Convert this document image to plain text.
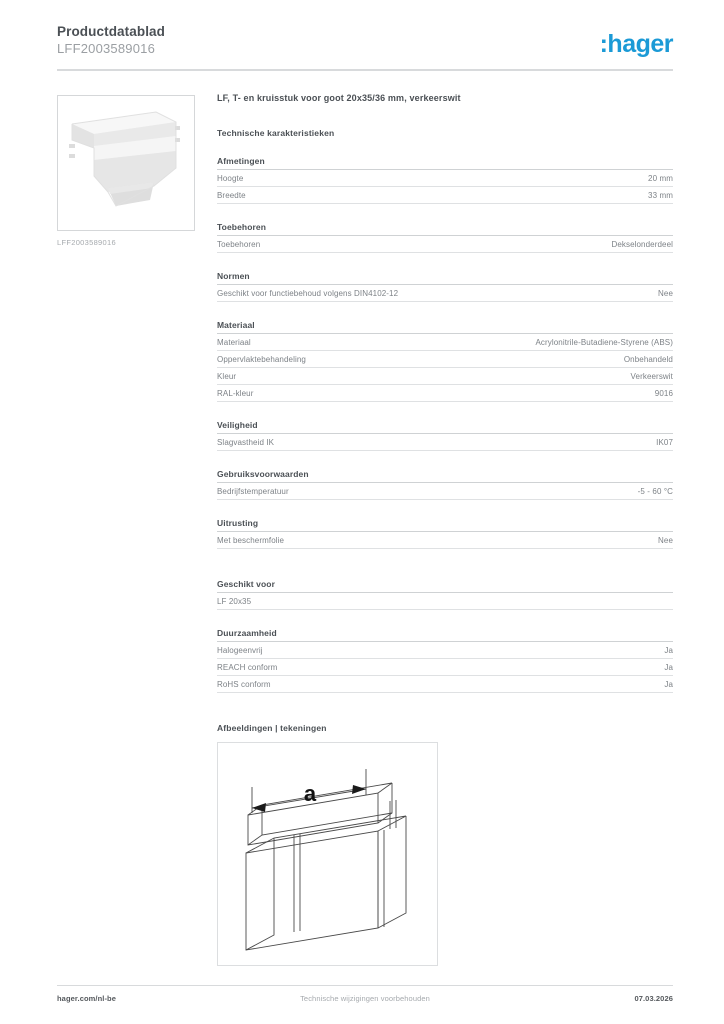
Productdatablad
LFF2003589016	:hager
LFF2003589016
LF, T- en kruisstuk voor goot 20x35/36 mm, verkeerswit
Technische karakteristieken
Afmetingen
Hoogte	20 mm
Breedte	33 mm
Toebehoren
Toebehoren	Dekselonderdeel
Normen
Geschikt voor functiebehoud volgens DIN4102-12	Nee
Materiaal
Materiaal	Acrylonitrile-Butadiene-Styrene (ABS)
Oppervlaktebehandeling	Onbehandeld
Kleur	Verkeerswit
RAL-kleur	9016
Veiligheid
Slagvastheid IK	IK07
Gebruiksvoorwaarden
Bedrijfstemperatuur	-5 - 60 °C
Uitrusting
Met beschermfolie	Nee
Geschikt voor
LF 20x35
Duurzaamheid
Halogeenvrij	Ja
REACH conform	Ja
RoHS conform	Ja
Afbeeldingen | tekeningen
a
hager.com/nl-be	Technische wijzigingen voorbehouden	07.03.2026
